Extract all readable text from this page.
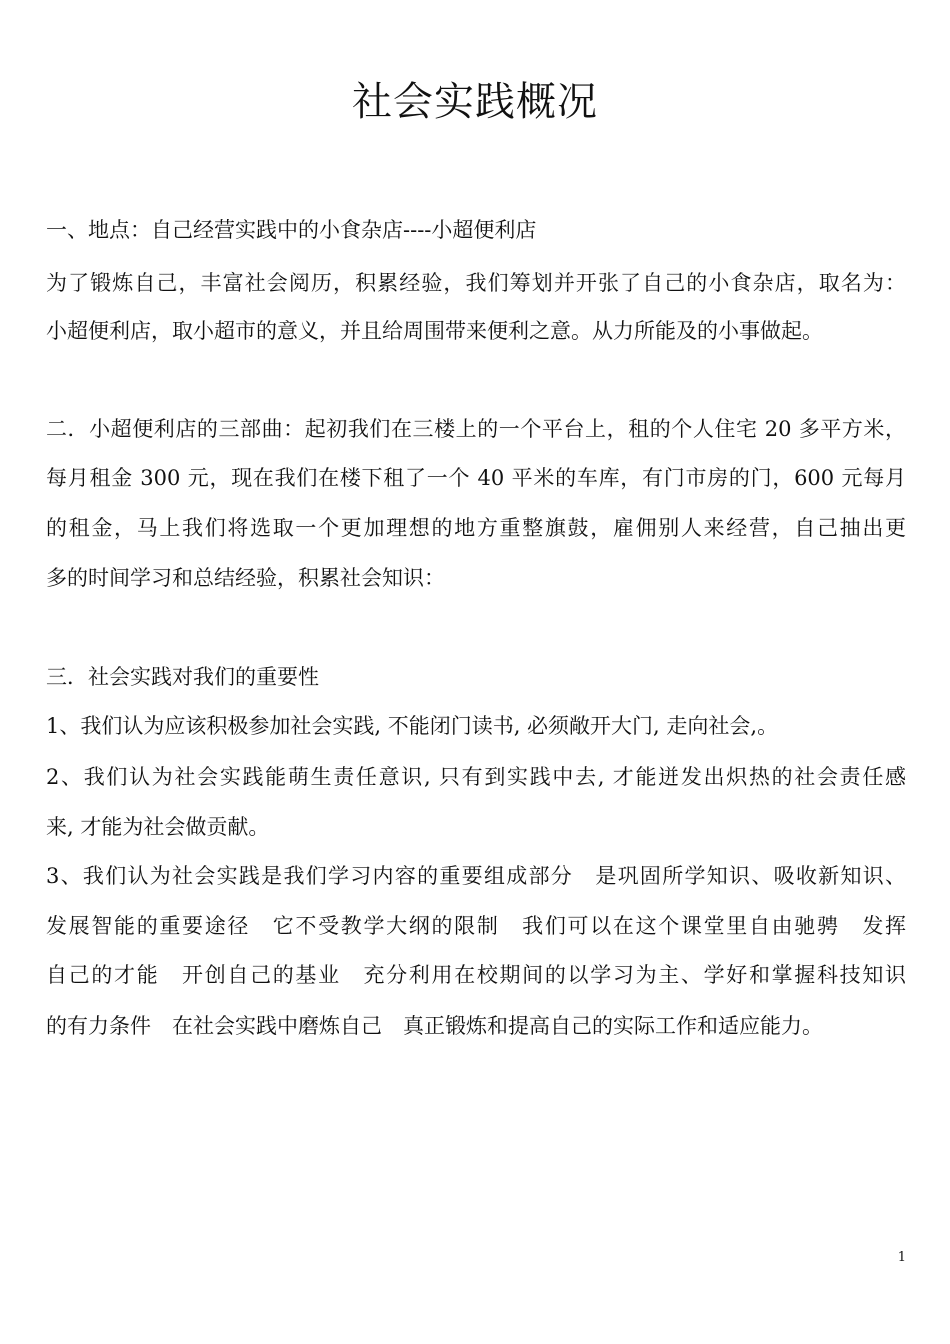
社会实践概况
一、地点：自己经营实践中的小食杂店----小超便利店
为了锻炼自己，丰富社会阅历，积累经验，我们筹划并开张了自己的小食杂店，取名为：
小超便利店，取小超市的意义，并且给周围带来便利之意。从力所能及的小事做起。
二．小超便利店的三部曲：起初我们在三楼上的一个平台上，租的个人住宅 20 多平方米，
每月租金 300 元，现在我们在楼下租了一个 40 平米的车库，有门市房的门，600 元每月
的租金，马上我们将选取一个更加理想的地方重整旗鼓，雇佣别人来经营，自己抽出更
多的时间学习和总结经验，积累社会知识：
三．社会实践对我们的重要性
1、我们认为应该积极参加社会实践, 不能闭门读书, 必须敞开大门, 走向社会,。
2、我们认为社会实践能萌生责任意识, 只有到实践中去, 才能迸发出炽热的社会责任感
来, 才能为社会做贡献。
3、我们认为社会实践是我们学习内容的重要组成部分　是巩固所学知识、吸收新知识、
发展智能的重要途径　它不受教学大纲的限制　我们可以在这个课堂里自由驰骋　发挥
自己的才能　开创自己的基业　充分利用在校期间的以学习为主、学好和掌握科技知识
的有力条件　在社会实践中磨炼自己　真正锻炼和提高自己的实际工作和适应能力。
1
